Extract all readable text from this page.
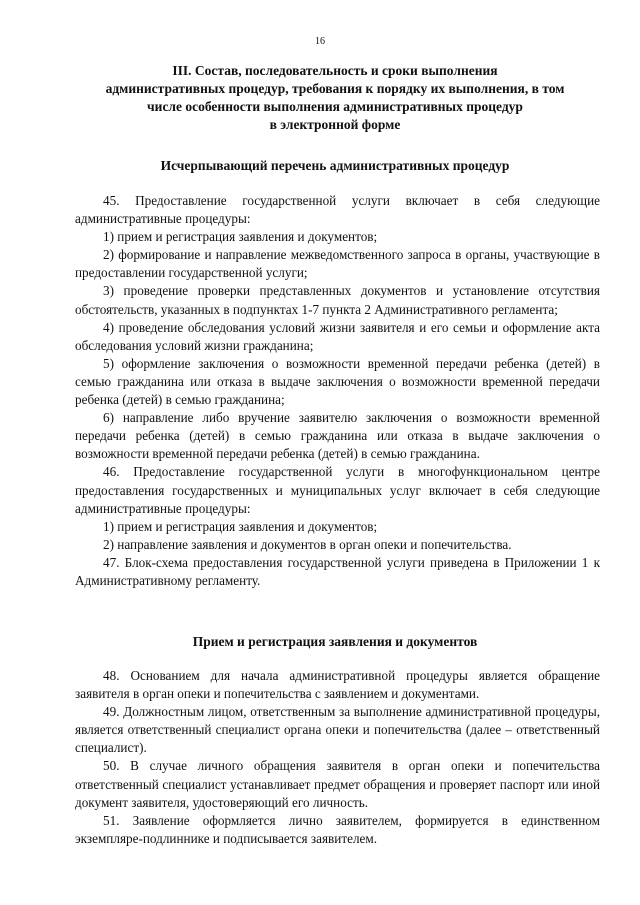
16
III. Состав, последовательность и сроки выполнения
административных процедур, требования к порядку их выполнения, в том
числе особенности выполнения административных процедур
в электронной форме
Исчерпывающий перечень административных процедур

45. Предоставление государственной услуги включает в себя следующие административные процедуры:

1) прием и регистрация заявления и документов;

2) формирование и направление межведомственного запроса в органы, участвующие в предоставлении государственной услуги;

3) проведение проверки представленных документов и установление отсутствия обстоятельств, указанных в подпунктах 1-7 пункта 2 Административного регламента;

4) проведение обследования условий жизни заявителя и его семьи и оформление акта обследования условий жизни гражданина;

5) оформление заключения о возможности временной передачи ребенка (детей) в семью гражданина или отказа в выдаче заключения о возможности временной передачи ребенка (детей) в семью гражданина;

6) направление либо вручение заявителю заключения о возможности временной передачи ребенка (детей) в семью гражданина или отказа в выдаче заключения о возможности временной передачи ребенка (детей) в семью гражданина.

46. Предоставление государственной услуги в многофункциональном центре предоставления государственных и муниципальных услуг включает в себя следующие административные процедуры:

1) прием и регистрация заявления и документов;

2) направление заявления и документов в орган опеки и попечительства.

47. Блок-схема предоставления государственной услуги приведена в Приложении 1 к Административному регламенту.

Прием и регистрация заявления и документов

48. Основанием для начала административной процедуры является обращение заявителя в орган опеки и попечительства с заявлением и документами.

49. Должностным лицом, ответственным за выполнение административной процедуры, является ответственный специалист органа опеки и попечительства (далее – ответственный специалист).

50. В случае личного обращения заявителя в орган опеки и попечительства ответственный специалист устанавливает предмет обращения и проверяет паспорт или иной документ заявителя, удостоверяющий его личность.

51. Заявление оформляется лично заявителем, формируется в единственном экземпляре-подлиннике и подписывается заявителем.
